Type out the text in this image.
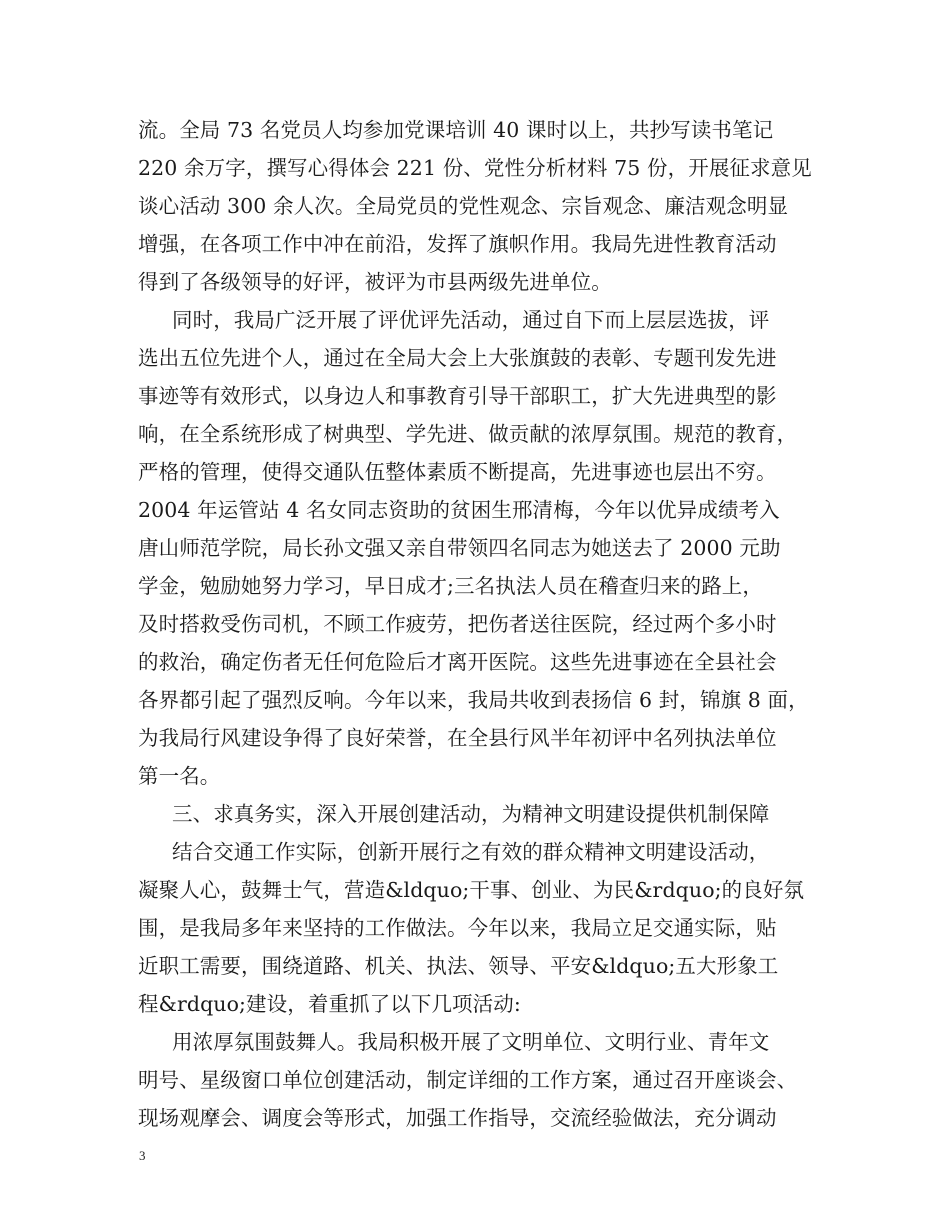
流。全局 73 名党员人均参加党课培训 40 课时以上，共抄写读书笔记
220 余万字，撰写心得体会 221 份、党性分析材料 75 份，开展征求意见
谈心活动 300 余人次。全局党员的党性观念、宗旨观念、廉洁观念明显
增强，在各项工作中冲在前沿，发挥了旗帜作用。我局先进性教育活动
得到了各级领导的好评，被评为市县两级先进单位。
同时，我局广泛开展了评优评先活动，通过自下而上层层选拔，评
选出五位先进个人，通过在全局大会上大张旗鼓的表彰、专题刊发先进
事迹等有效形式，以身边人和事教育引导干部职工，扩大先进典型的影
响，在全系统形成了树典型、学先进、做贡献的浓厚氛围。规范的教育，
严格的管理，使得交通队伍整体素质不断提高，先进事迹也层出不穷。
2004 年运管站 4 名女同志资助的贫困生邢清梅，今年以优异成绩考入
唐山师范学院，局长孙文强又亲自带领四名同志为她送去了 2000 元助
学金，勉励她努力学习，早日成才;三名执法人员在稽查归来的路上，
及时搭救受伤司机，不顾工作疲劳，把伤者送往医院，经过两个多小时
的救治，确定伤者无任何危险后才离开医院。这些先进事迹在全县社会
各界都引起了强烈反响。今年以来，我局共收到表扬信 6 封，锦旗 8 面，
为我局行风建设争得了良好荣誉，在全县行风半年初评中名列执法单位
第一名。
三、求真务实，深入开展创建活动，为精神文明建设提供机制保障
结合交通工作实际，创新开展行之有效的群众精神文明建设活动，
凝聚人心，鼓舞士气，营造&ldquo;干事、创业、为民&rdquo;的良好氛
围，是我局多年来坚持的工作做法。今年以来，我局立足交通实际，贴
近职工需要，围绕道路、机关、执法、领导、平安&ldquo;五大形象工
程&rdquo;建设，着重抓了以下几项活动:
用浓厚氛围鼓舞人。我局积极开展了文明单位、文明行业、青年文
明号、星级窗口单位创建活动，制定详细的工作方案，通过召开座谈会、
现场观摩会、调度会等形式，加强工作指导，交流经验做法，充分调动
3
